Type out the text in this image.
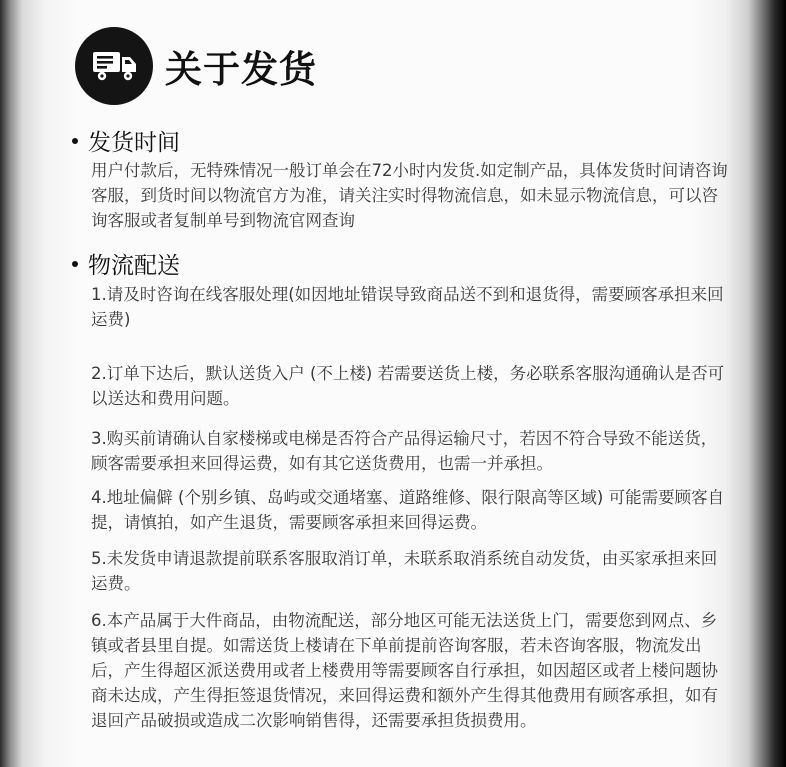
关于发货
发货时间
用户付款后，无特殊情况一般订单会在72小时内发货.如定制产品，具体发货时间请咨询客服，到货时间以物流官方为准，请关注实时得物流信息，如未显示物流信息，可以咨询客服或者复制单号到物流官网查询
物流配送
1.请及时咨询在线客服处理(如因地址错误导致商品送不到和退货得，需要顾客承担来回运费)
2.订单下达后，默认送货入户 (不上楼) 若需要送货上楼，务必联系客服沟通确认是否可以送达和费用问题。
3.购买前请确认自家楼梯或电梯是否符合产品得运输尺寸，若因不符合导致不能送货，顾客需要承担来回得运费，如有其它送货费用，也需一并承担。
4.地址偏僻 (个别乡镇、岛屿或交通堵塞、道路维修、限行限高等区域) 可能需要顾客自提，请慎拍，如产生退货，需要顾客承担来回得运费。
5.未发货申请退款提前联系客服取消订单，未联系取消系统自动发货，由买家承担来回运费。
6.本产品属于大件商品，由物流配送，部分地区可能无法送货上门，需要您到网点、乡镇或者县里自提。如需送货上楼请在下单前提前咨询客服，若未咨询客服，物流发出后，产生得超区派送费用或者上楼费用等需要顾客自行承担，如因超区或者上楼问题协商未达成，产生得拒签退货情况，来回得运费和额外产生得其他费用有顾客承担，如有退回产品破损或造成二次影响销售得，还需要承担货损费用。
